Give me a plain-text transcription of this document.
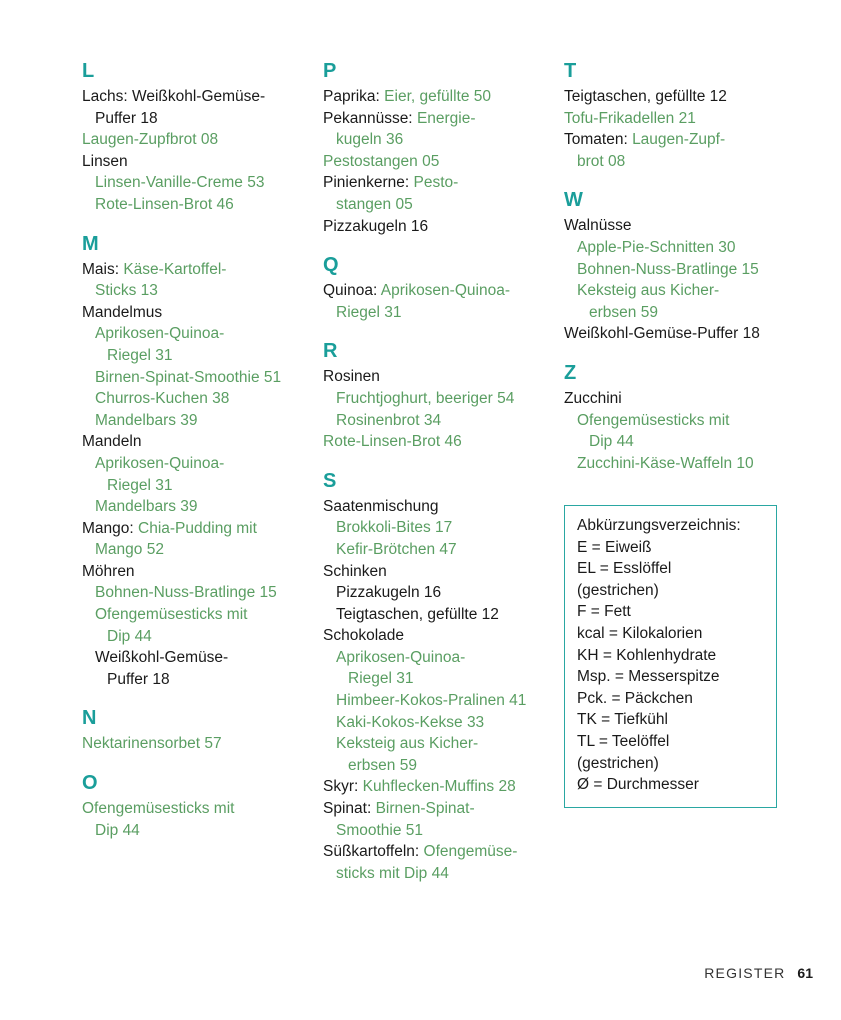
L
Lachs: Weißkohl-Gemüse-
Puffer 18
Laugen-Zupfbrot 08
Linsen
Linsen-Vanille-Creme 53
Rote-Linsen-Brot 46
M
Mais: Käse-Kartoffel-
Sticks 13
Mandelmus
Aprikosen-Quinoa-
Riegel 31
Birnen-Spinat-Smoothie 51
Churros-Kuchen 38
Mandelbars 39
Mandeln
Aprikosen-Quinoa-
Riegel 31
Mandelbars 39
Mango: Chia-Pudding mit
Mango 52
Möhren
Bohnen-Nuss-Bratlinge 15
Ofengemüsesticks mit
Dip 44
Weißkohl-Gemüse-
Puffer 18
N
Nektarinensorbet 57
O
Ofengemüsesticks mit
Dip 44
P
Paprika: Eier, gefüllte 50
Pekannüsse: Energie-
kugeln 36
Pestostangen 05
Pinienkerne: Pesto-
stangen 05
Pizzakugeln 16
Q
Quinoa: Aprikosen-Quinoa-
Riegel 31
R
Rosinen
Fruchtjoghurt, beeriger 54
Rosinenbrot 34
Rote-Linsen-Brot 46
S
Saatenmischung
Brokkoli-Bites 17
Kefir-Brötchen 47
Schinken
Pizzakugeln 16
Teigtaschen, gefüllte 12
Schokolade
Aprikosen-Quinoa-
Riegel 31
Himbeer-Kokos-Pralinen 41
Kaki-Kokos-Kekse 33
Keksteig aus Kicher-
erbsen 59
Skyr: Kuhflecken-Muffins 28
Spinat: Birnen-Spinat-
Smoothie 51
Süßkartoffeln: Ofengemüse-
sticks mit Dip 44
T
Teigtaschen, gefüllte 12
Tofu-Frikadellen 21
Tomaten: Laugen-Zupf-
brot 08
W
Walnüsse
Apple-Pie-Schnitten 30
Bohnen-Nuss-Bratlinge 15
Keksteig aus Kicher-
erbsen 59
Weißkohl-Gemüse-Puffer 18
Z
Zucchini
Ofengemüsesticks mit
Dip 44
Zucchini-Käse-Waffeln 10
Abkürzungsverzeichnis:
E = Eiweiß
EL = Esslöffel
(gestrichen)
F = Fett
kcal = Kilokalorien
KH = Kohlenhydrate
Msp. = Messerspitze
Pck. = Päckchen
TK = Tiefkühl
TL = Teelöffel
(gestrichen)
Ø = Durchmesser
REGISTER 61
